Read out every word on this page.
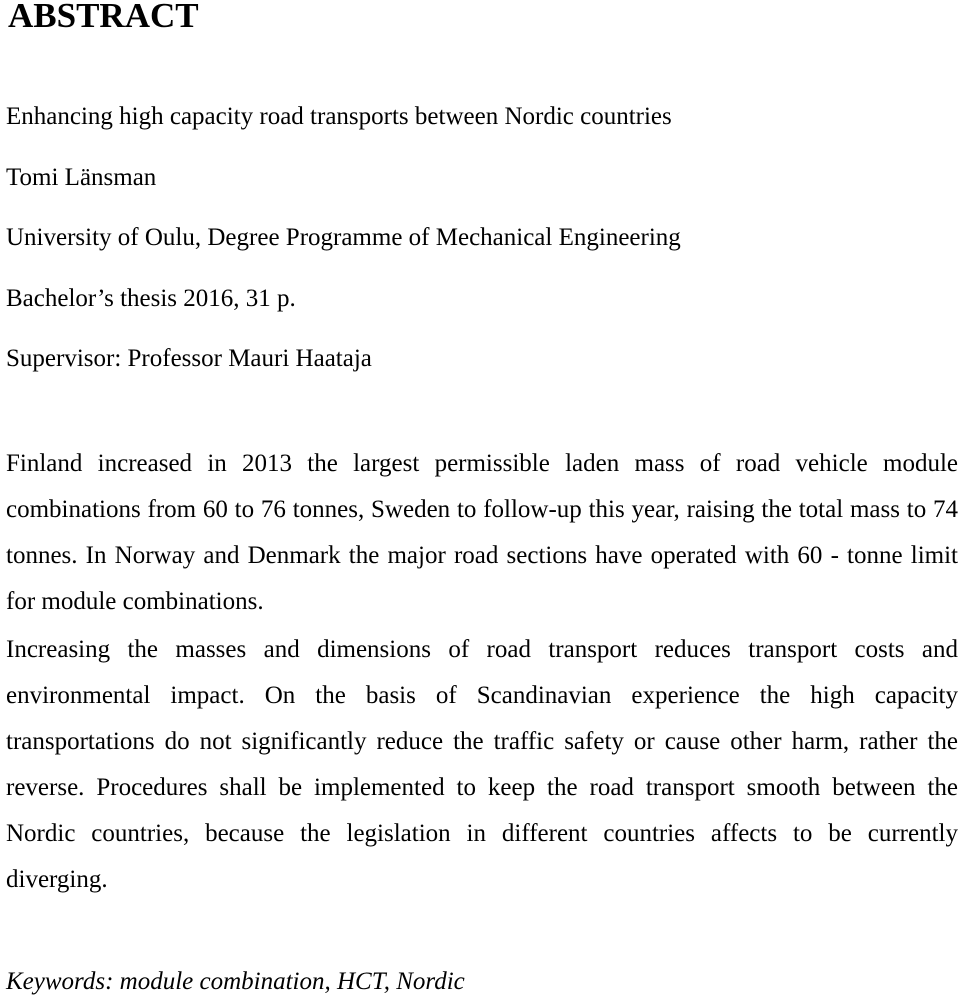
ABSTRACT
Enhancing high capacity road transports between Nordic countries
Tomi Länsman
University of Oulu, Degree Programme of Mechanical Engineering
Bachelor’s thesis 2016, 31 p.
Supervisor: Professor Mauri Haataja

Finland increased in 2013 the largest permissible laden mass of road vehicle module combinations from 60 to 76 tonnes, Sweden to follow-up this year, raising the total mass to 74 tonnes. In Norway and Denmark the major road sections have operated with 60 - tonne limit for module combinations.

Increasing the masses and dimensions of road transport reduces transport costs and environmental impact. On the basis of Scandinavian experience the high capacity transportations do not significantly reduce the traffic safety or cause other harm, rather the reverse. Procedures shall be implemented to keep the road transport smooth between the Nordic countries, because the legislation in different countries affects to be currently diverging.

Keywords: module combination, HCT, Nordic
